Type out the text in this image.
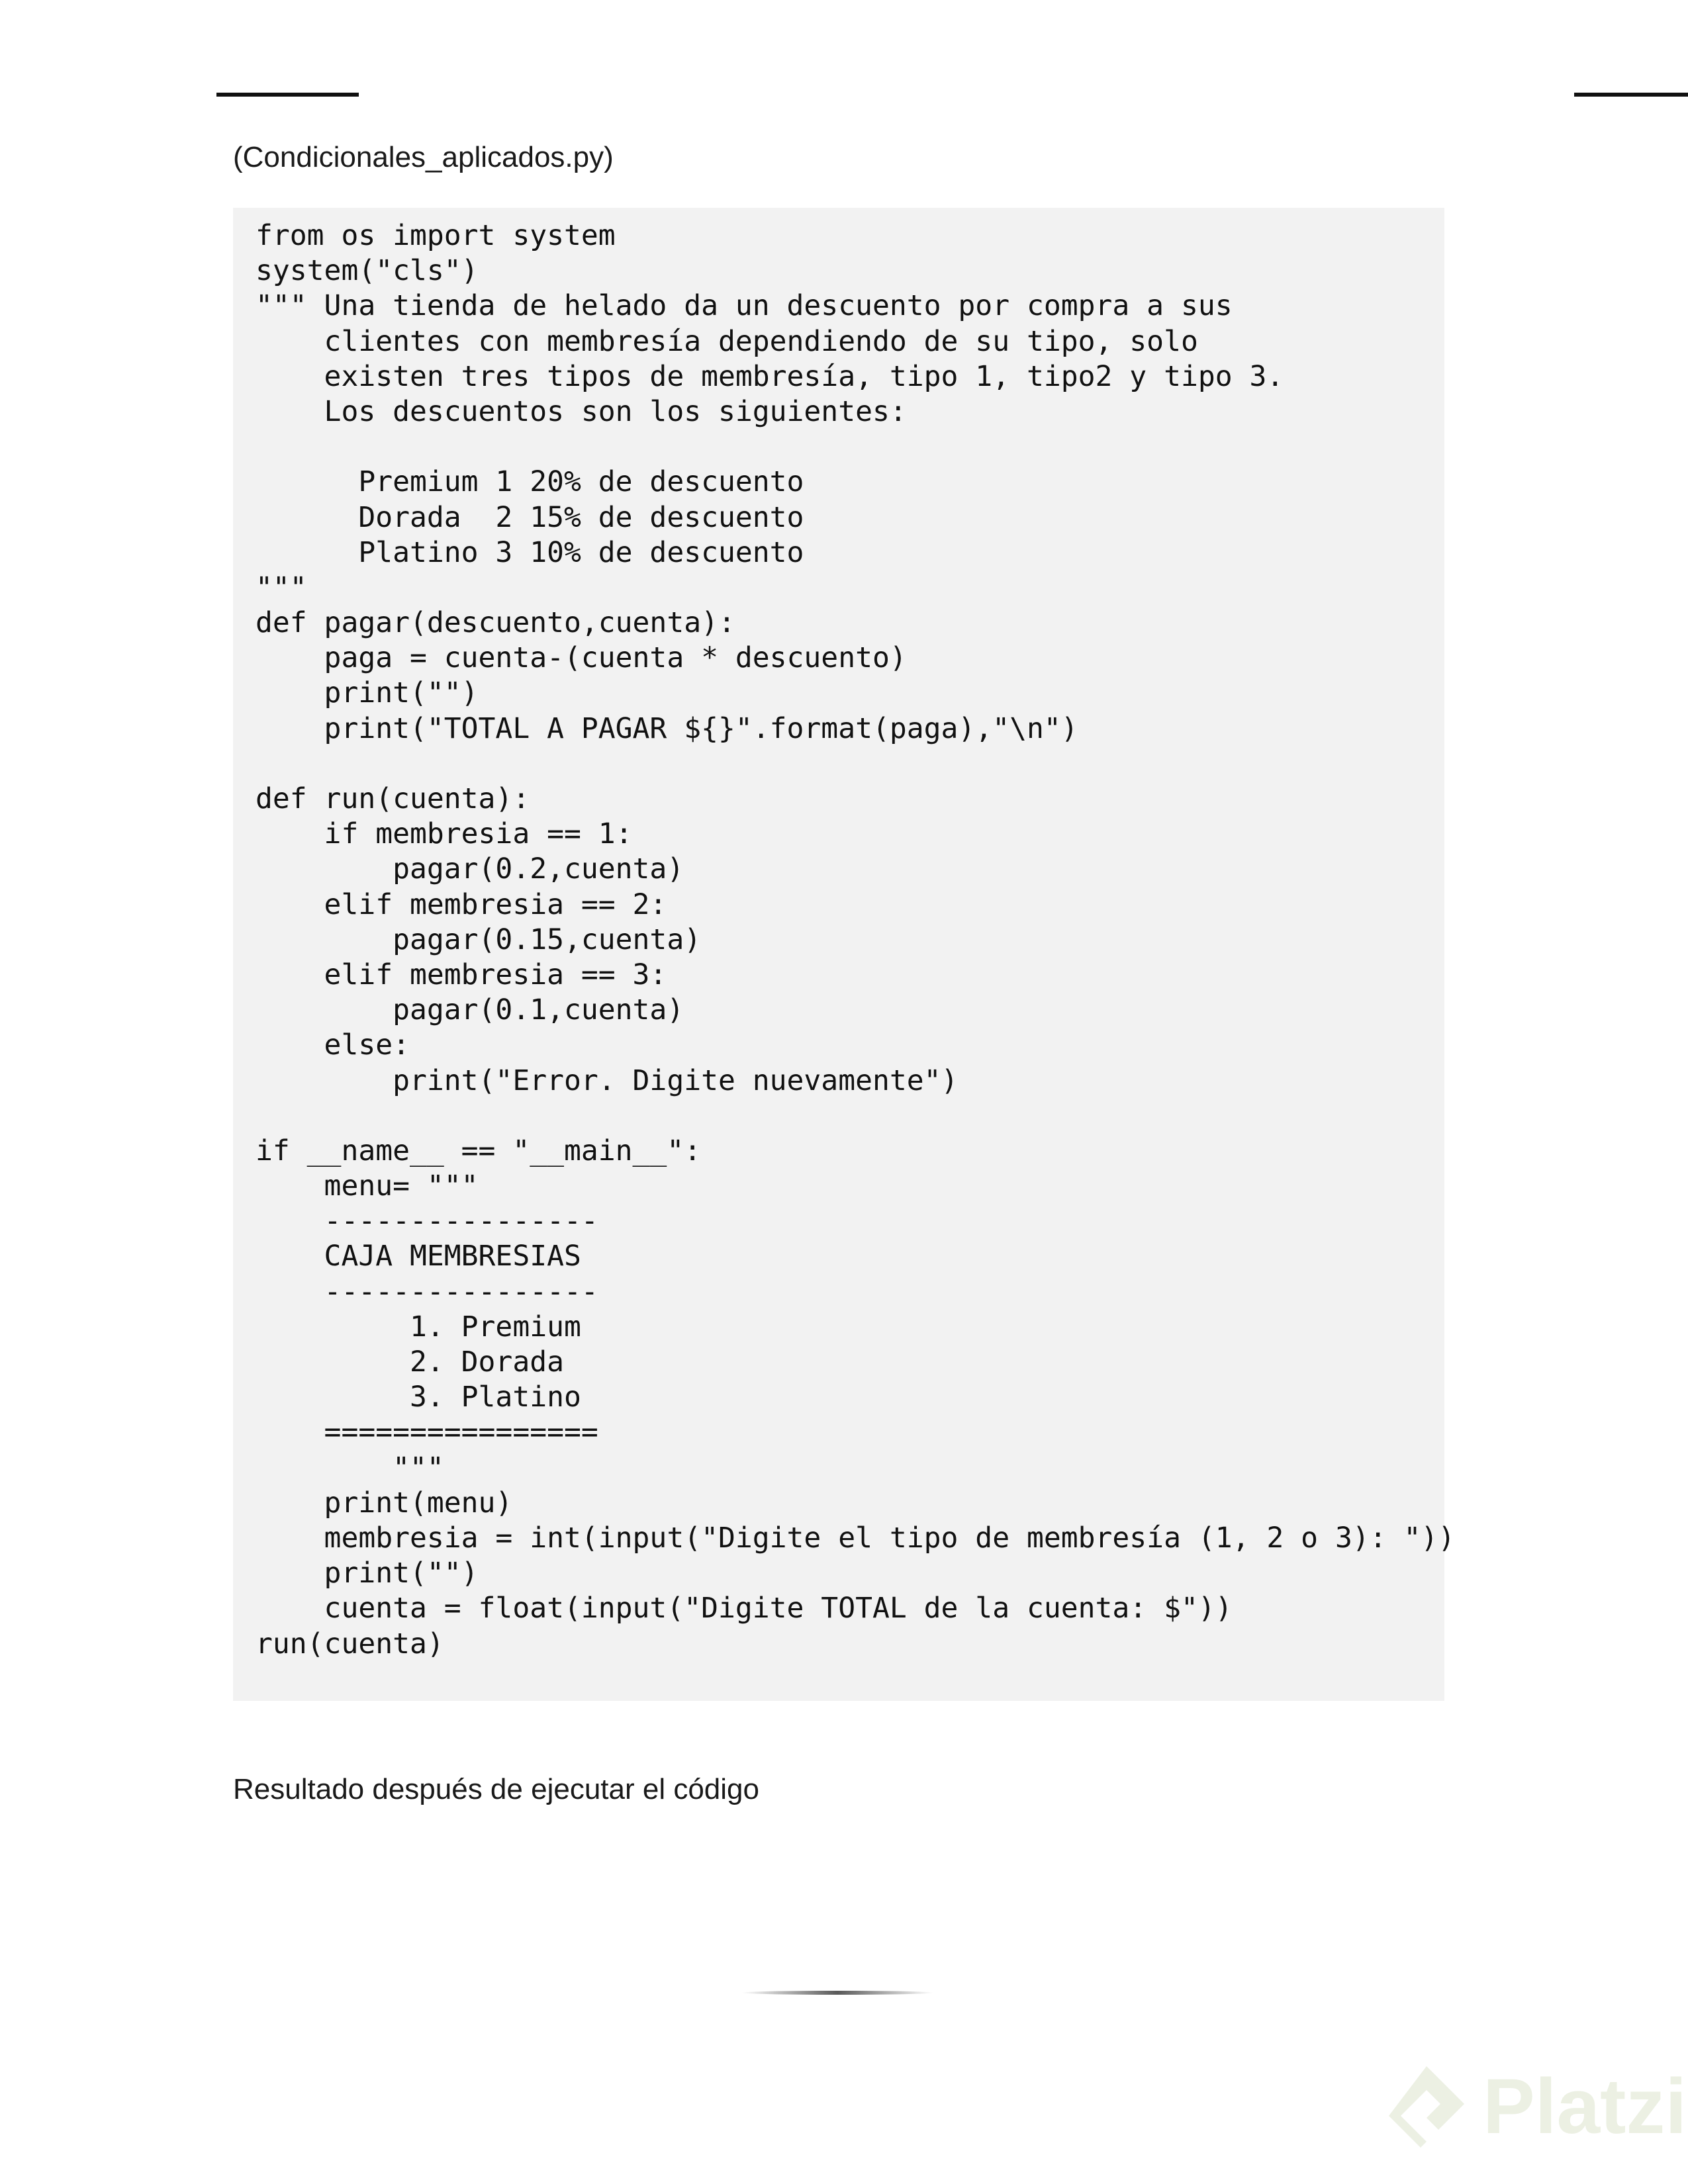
(Condicionales_aplicados.py)
from os import system
system("cls")
""" Una tienda de helado da un descuento por compra a sus
clientes con membresía dependiendo de su tipo, solo
existen tres tipos de membresía, tipo 1, tipo2 y tipo 3.
Los descuentos son los siguientes:
Premium 1 20% de descuento
Dorada  2 15% de descuento
Platino 3 10% de descuento
"""
def pagar(descuento,cuenta):
paga = cuenta-(cuenta * descuento)
print("")
print("TOTAL A PAGAR ${}".format(paga),"\n")
def run(cuenta):
if membresia == 1:
pagar(0.2,cuenta)
elif membresia == 2:
pagar(0.15,cuenta)
elif membresia == 3:
pagar(0.1,cuenta)
else:
print("Error. Digite nuevamente")
if __name__ == "__main__":
menu= """
----------------
CAJA MEMBRESIAS
----------------
1. Premium
2. Dorada
3. Platino
================
"""
print(menu)
membresia = int(input("Digite el tipo de membresía (1, 2 o 3): "))
print("")
cuenta = float(input("Digite TOTAL de la cuenta: $"))
run(cuenta)
Resultado después de ejecutar el código
Platzi
